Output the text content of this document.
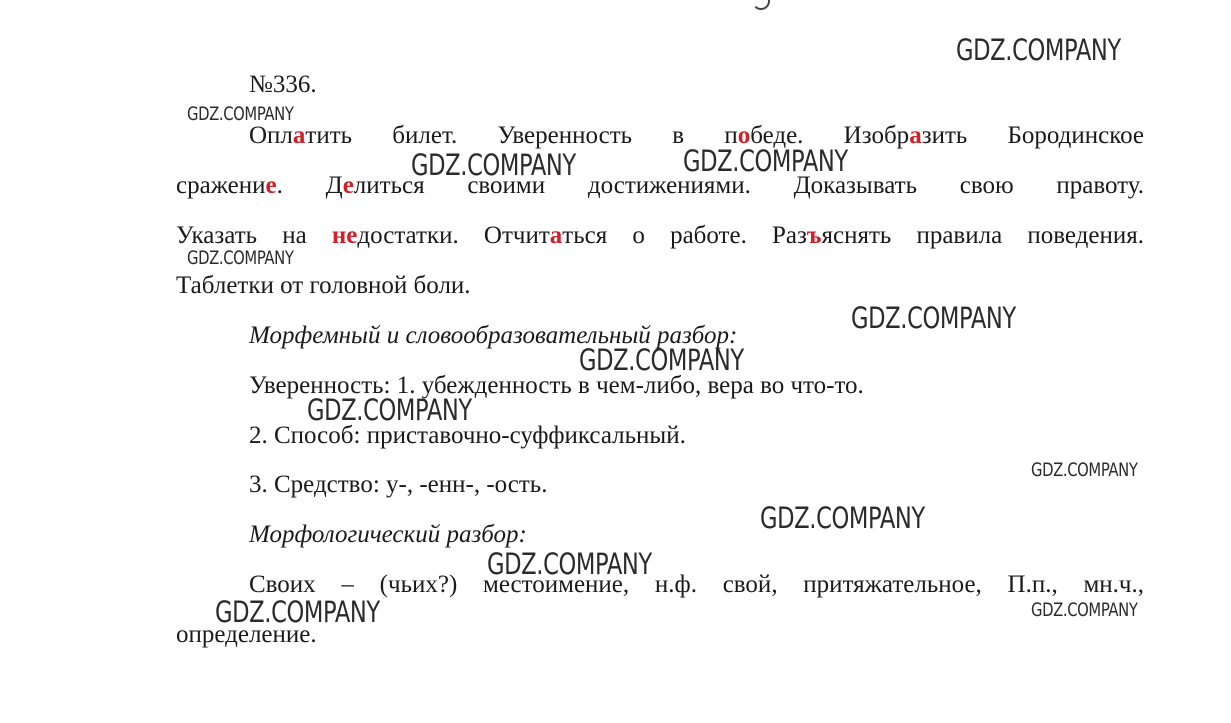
№336.
Оплатить билет. Уверенность в победе. Изобразить Бородинское
сражение. Делиться своими достижениями. Доказывать свою правоту.
Указать на недостатки. Отчитаться о работе. Разъяснять правила поведения.
Таблетки от головной боли.
Морфемный и словообразовательный разбор:
Уверенность: 1. убежденность в чем-либо, вера во что-то.
2. Способ: приставочно-суффиксальный.
3. Средство: у-, -енн-, -ость.
Морфологический разбор:
Своих – (чьих?) местоимение, н.ф. свой, притяжательное, П.п., мн.ч.,
определение.
GDZ.COMPANY
GDZ.COMPANY
GDZ.COMPANY	GDZ.COMPANY
GDZ.COMPANY
GDZ.COMPANY
GDZ.COMPANY
GDZ.COMPANY
GDZ.COMPANY
GDZ.COMPANY
GDZ.COMPANY
GDZ.COMPANY
GDZ.COMPANY
